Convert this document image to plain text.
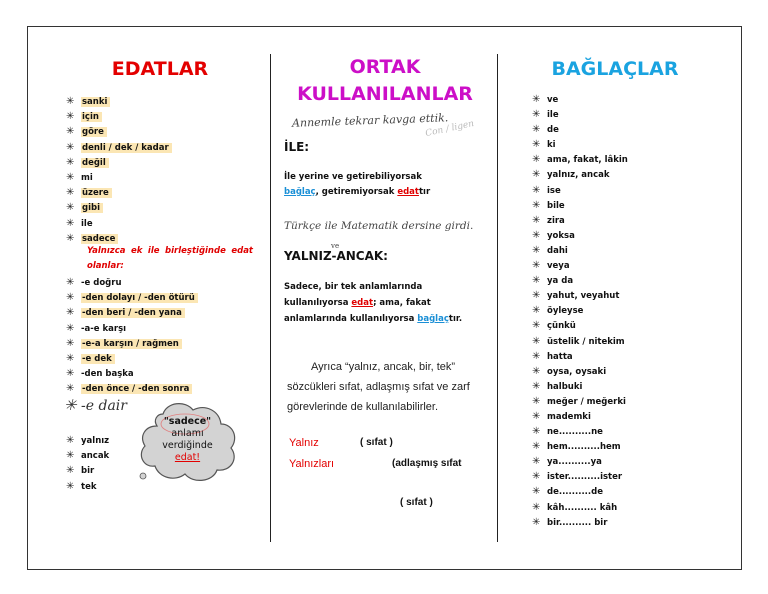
EDATLAR
✳ sanki
✳ için
✳ göre
✳ denli / dek / kadar
✳ değil
✳ mi
✳ üzere
✳ gibi
✳ ile
✳ sadece
Yalnızca ek ile birleştiğinde edat olanlar:
✳ -e doğru
✳ -den dolayı / -den ötürü
✳ -den beri / -den yana
✳ -a-e karşı
✳ -e-a karşın / rağmen
✳ -e dek
✳ -den başka
✳ -den önce / -den sonra
✳ -e dair
✳ yalnız
✳ ancak
✳ bir
✳ tek
"sadece"
anlamı
verdiğinde
edat!
ORTAK
KULLANILANLAR
Annemle tekrar kavga ettik.
Con / ligen
İLE:
İle yerine ve getirebiliyorsak
bağlaç, getiremiyorsak edattır
Türkçe ile Matematik dersine girdi.
ve
YALNIZ-ANCAK:
Sadece, bir tek anlamlarında kullanılıyorsa edat; ama, fakat anlamlarında kullanılıyorsa bağlaçtır.
Ayrıca “yalnız, ancak, bir, tek” sözcükleri sıfat, adlaşmış sıfat ve zarf görevlerinde de kullanılabilirler.
Yalnız	( sıfat )
Yalnızları	(adlaşmış sıfat
( sıfat )
BAĞLAÇLAR
✳ ve
✳ ile
✳ de
✳ ki
✳ ama, fakat, lâkin
✳ yalnız, ancak
✳ ise
✳ bile
✳ zira
✳ yoksa
✳ dahi
✳ veya
✳ ya da
✳ yahut, veyahut
✳ öyleyse
✳ çünkü
✳ üstelik / nitekim
✳ hatta
✳ oysa, oysaki
✳ halbuki
✳ meğer / meğerki
✳ mademki
✳ ne..........ne
✳ hem..........hem
✳ ya..........ya
✳ ister..........ister
✳ de..........de
✳ kâh.......... kâh
✳ bir.......... bir
